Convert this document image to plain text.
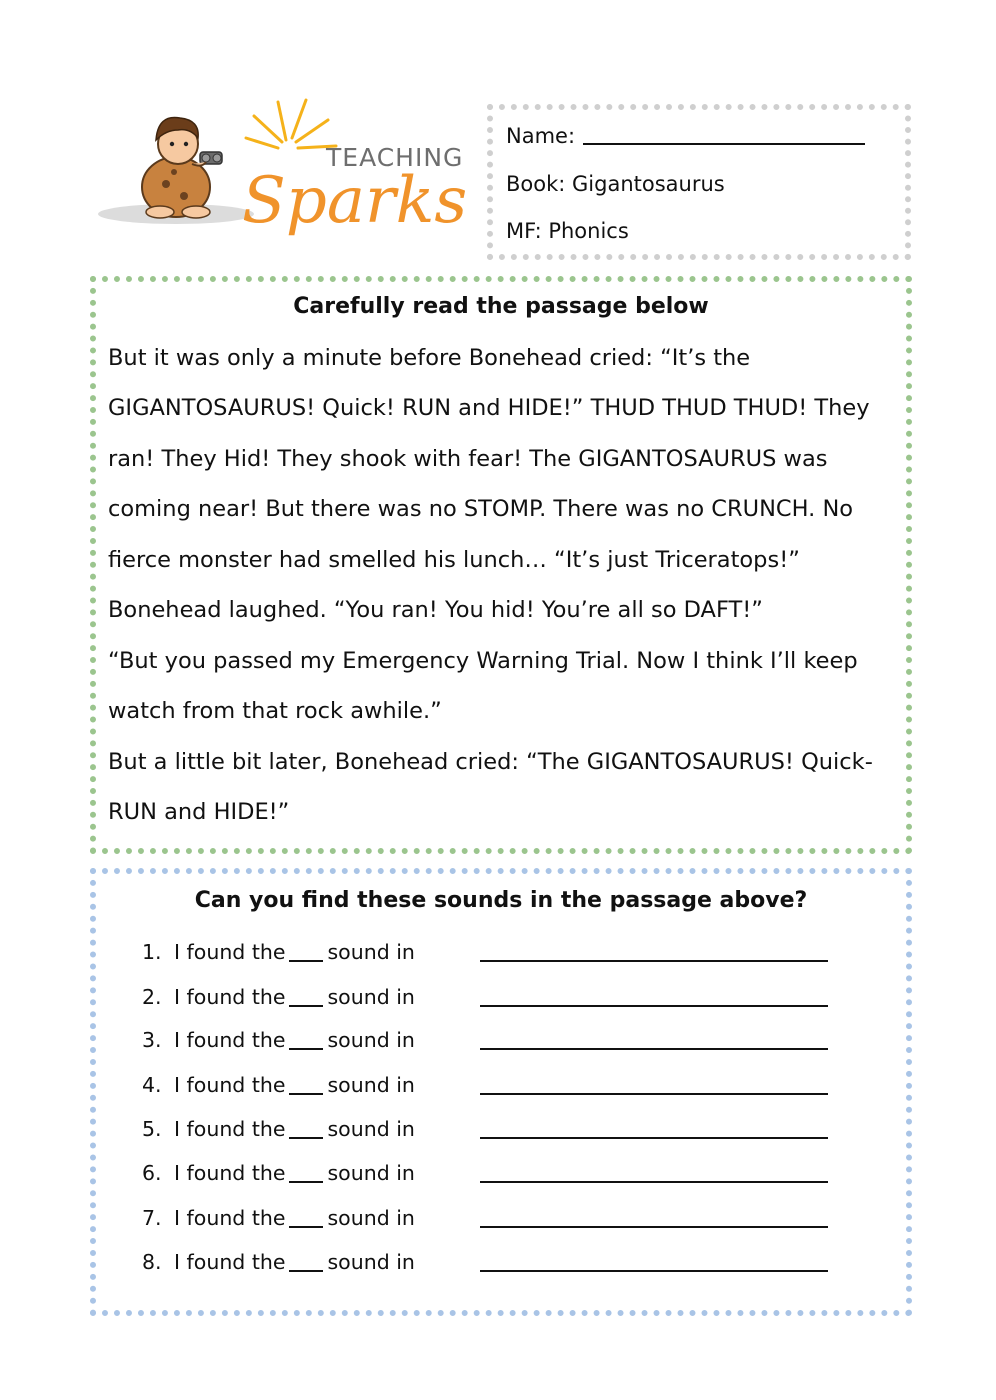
TEACHING
Sparks
Name:
Book: Gigantosaurus
MF: Phonics
Carefully read the passage below
But it was only a minute before Bonehead cried: “It’s the
GIGANTOSAURUS! Quick! RUN and HIDE!” THUD THUD THUD! They
ran! They Hid! They shook with fear! The GIGANTOSAURUS was
coming near! But there was no STOMP. There was no CRUNCH. No
fierce monster had smelled his lunch… “It’s just Triceratops!”
Bonehead laughed. “You ran! You hid! You’re all so DAFT!”
“But you passed my Emergency Warning Trial. Now I think I’ll keep
watch from that rock awhile.”
But a little bit later, Bonehead cried: “The GIGANTOSAURUS! Quick-
RUN and HIDE!”
Can you find these sounds in the passage above?
1. I found the sound in
2. I found the sound in
3. I found the sound in
4. I found the sound in
5. I found the sound in
6. I found the sound in
7. I found the sound in
8. I found the sound in
